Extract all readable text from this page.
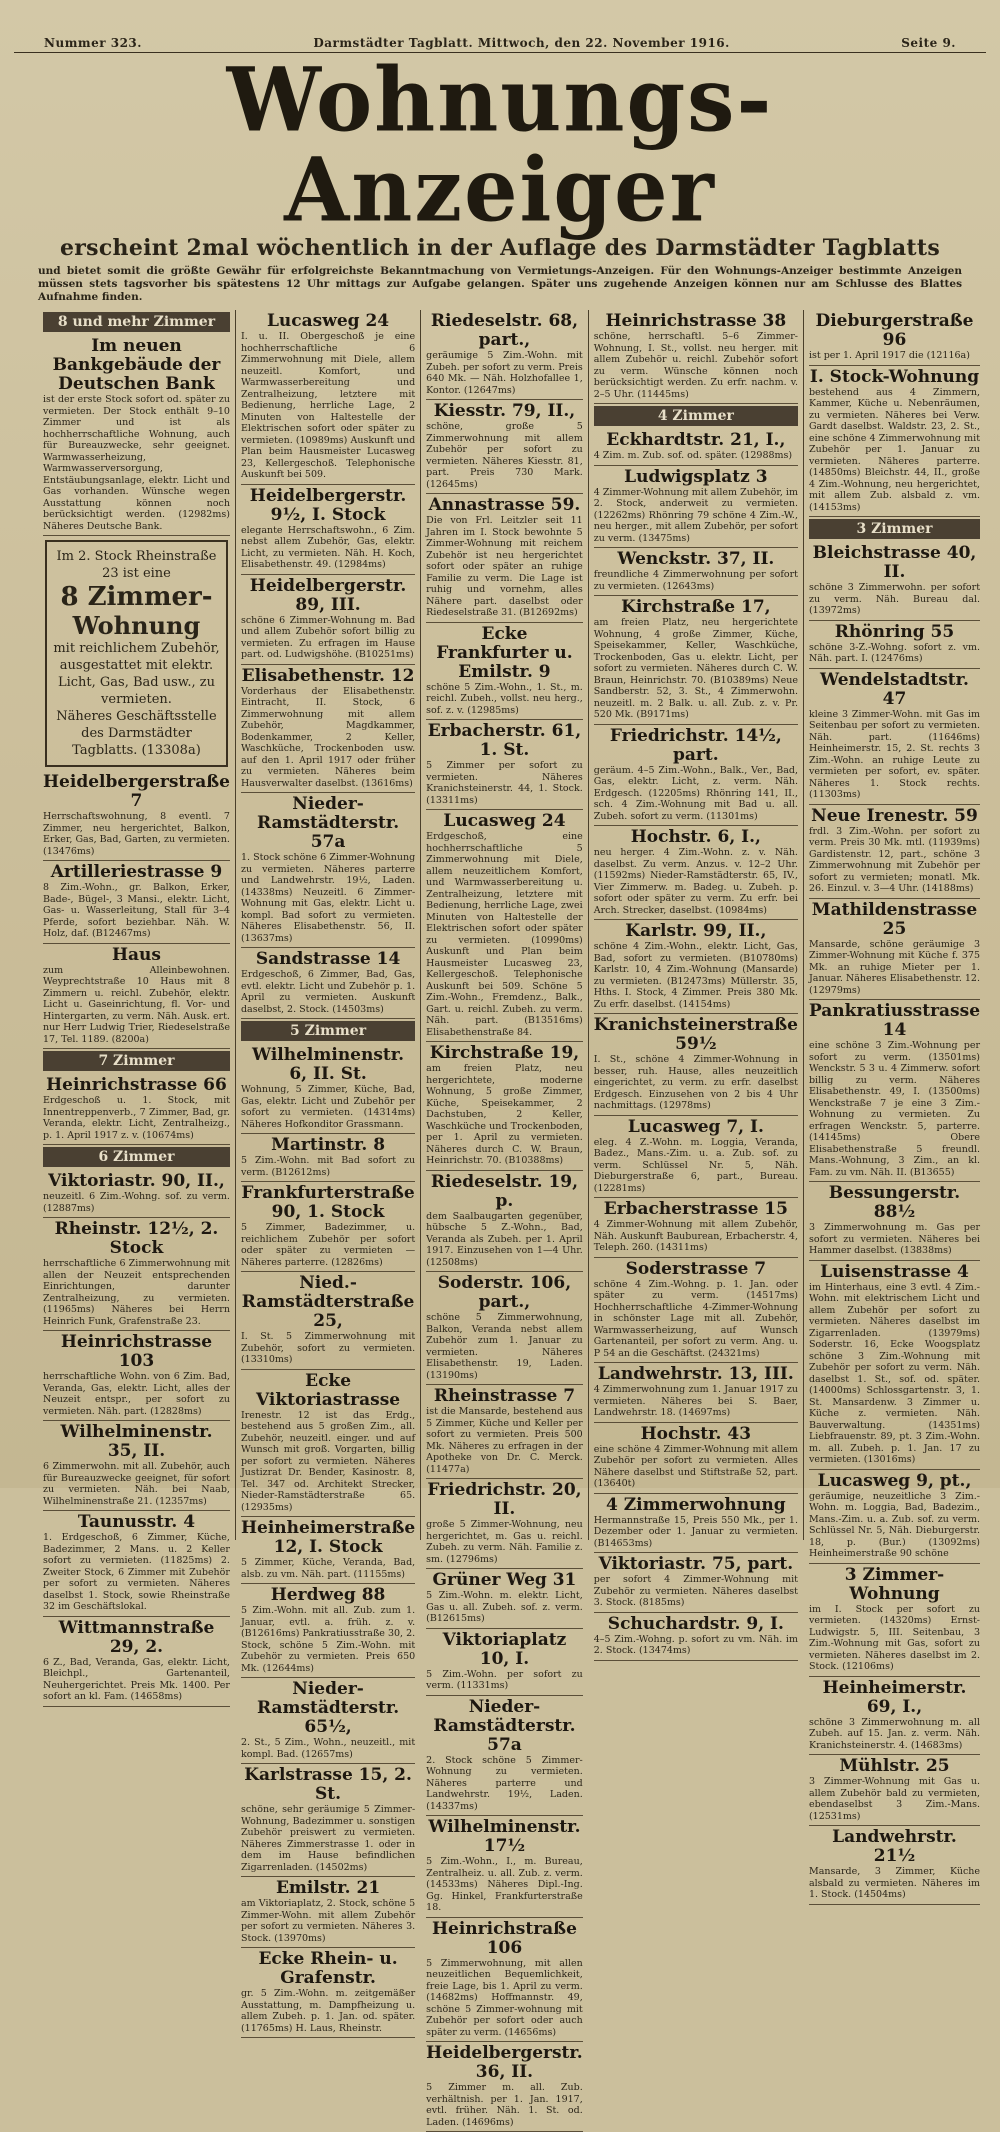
Nummer 323.	Darmstädter Tagblatt. Mittwoch, den 22. November 1916.	Seite 9.
Wohnungs-Anzeiger
erscheint 2mal wöchentlich in der Auflage des Darmstädter Tagblatts
und bietet somit die größte Gewähr für erfolgreichste Bekanntmachung von Vermietungs-Anzeigen. Für den Wohnungs-Anzeiger bestimmte Anzeigen müssen stets tagsvorher bis spätestens 12 Uhr mittags zur Aufgabe gelangen. Später uns zugehende Anzeigen können nur am Schlusse des Blattes Aufnahme finden.
8 und mehr Zimmer
Im neuen Bankgebäude der Deutschen Bank
ist der erste Stock sofort od. später zu vermieten. Der Stock enthält 9–10 Zimmer und ist als hochherrschaftliche Wohnung, auch für Bureauzwecke, sehr geeignet. Warmwasserheizung, Warmwasserversorgung, Entstäubungsanlage, elektr. Licht und Gas vorhanden. Wünsche wegen Ausstattung können noch berücksichtigt werden. (12982ms) Näheres Deutsche Bank.
Im 2. Stock Rheinstraße 23 ist eine
8 Zimmer-
Wohnung
mit reichlichem Zubehör, ausgestattet mit elektr. Licht, Gas, Bad usw., zu vermieten.
Näheres Geschäftsstelle des Darmstädter Tagblatts. (13308a)
Heidelbergerstraße 7
Herrschaftswohnung, 8 eventl. 7 Zimmer, neu hergerichtet, Balkon, Erker, Gas, Bad, Garten, zu vermieten. (13476ms)
Artilleriestrasse 9
8 Zim.-Wohn., gr. Balkon, Erker, Bade-, Bügel-, 3 Mansi., elektr. Licht, Gas- u. Wasserleitung, Stall für 3–4 Pferde, sofort beziehbar. Näh. W. Holz, daf. (B12467ms)
Haus
zum Alleinbewohnen. Weyprechtstraße 10 Haus mit 8 Zimmern u. reichl. Zubehör, elektr. Licht u. Gaseinrichtung, fl. Vor- und Hintergarten, zu verm. Näh. Ausk. ert. nur Herr Ludwig Trier, Riedeselstraße 17, Tel. 1189. (8200a)
7 Zimmer
Heinrichstrasse 66
Erdgeschoß u. 1. Stock, mit Innentreppenverb., 7 Zimmer, Bad, gr. Veranda, elektr. Licht, Zentralheizg., p. 1. April 1917 z. v. (10674ms)
6 Zimmer
Viktoriastr. 90, II.,
neuzeitl. 6 Zim.-Wohng. sof. zu verm. (12887ms)
Rheinstr. 12½, 2. Stock
herrschaftliche 6 Zimmerwohnung mit allen der Neuzeit entsprechenden Einrichtungen, darunter Zentralheizung, zu vermieten. (11965ms) Näheres bei Herrn Heinrich Funk, Grafenstraße 23.
Heinrichstrasse 103
herrschaftliche Wohn. von 6 Zim. Bad, Veranda, Gas, elektr. Licht, alles der Neuzeit entspr., per sofort zu vermieten. Näh. part. (12828ms)
Wilhelminenstr. 35, II.
6 Zimmerwohn. mit all. Zubehör, auch für Bureauzwecke geeignet, für sofort zu vermieten. Näh. bei Naab, Wilhelminenstraße 21. (12357ms)
Taunusstr. 4
1. Erdgeschoß, 6 Zimmer, Küche, Badezimmer, 2 Mans. u. 2 Keller sofort zu vermieten. (11825ms) 2. Zweiter Stock, 6 Zimmer mit Zubehör per sofort zu vermieten. Näheres daselbst 1. Stock, sowie Rheinstraße 32 im Geschäftslokal.
Wittmannstraße 29, 2.
6 Z., Bad, Veranda, Gas, elektr. Licht, Bleichpl., Gartenanteil, Neuhergerichtet. Preis Mk. 1400. Per sofort an kl. Fam. (14658ms)
Lucasweg 24
I. u. II. Obergeschoß je eine hochherrschaftliche 6 Zimmerwohnung mit Diele, allem neuzeitl. Komfort, und Warmwasserbereitung und Zentralheizung, letztere mit Bedienung, herrliche Lage, 2 Minuten von Haltestelle der Elektrischen sofort oder später zu vermieten. (10989ms) Auskunft und Plan beim Hausmeister Lucasweg 23, Kellergeschoß. Telephonische Auskunft bei 509.
Heidelbergerstr. 9½, I. Stock
elegante Herrschaftswohn., 6 Zim. nebst allem Zubehör, Gas, elektr. Licht, zu vermieten. Näh. H. Koch, Elisabethenstr. 49. (12984ms)
Heidelbergerstr. 89, III.
schöne 6 Zimmer-Wohnung m. Bad und allem Zubehör sofort billig zu vermieten. Zu erfragen im Hause part. od. Ludwigshöhe. (B10251ms)
Elisabethenstr. 12
Vorderhaus der Elisabethenstr. Eintracht, II. Stock, 6 Zimmerwohnung mit allem Zubehör, Magdkammer, Bodenkammer, 2 Keller, Waschküche, Trockenboden usw. auf den 1. April 1917 oder früher zu vermieten. Näheres beim Hausverwalter daselbst. (13616ms)
Nieder-Ramstädterstr. 57a
1. Stock schöne 6 Zimmer-Wohnung zu vermieten. Näheres parterre und Landwehrstr. 19½, Laden. (14338ms) Neuzeitl. 6 Zimmer-Wohnung mit Gas, elektr. Licht u. kompl. Bad sofort zu vermieten. Näheres Elisabethenstr. 56, II. (13637ms)
Sandstrasse 14
Erdgeschoß, 6 Zimmer, Bad, Gas, evtl. elektr. Licht und Zubehör p. 1. April zu vermieten. Auskunft daselbst, 2. Stock. (14503ms)
5 Zimmer
Wilhelminenstr. 6, II. St.
Wohnung, 5 Zimmer, Küche, Bad, Gas, elektr. Licht und Zubehör per sofort zu vermieten. (14314ms) Näheres Hofkonditor Grassmann.
Martinstr. 8
5 Zim.-Wohn. mit Bad sofort zu verm. (B12612ms)
Frankfurterstraße 90, 1. Stock
5 Zimmer, Badezimmer, u. reichlichem Zubehör per sofort oder später zu vermieten — Näheres parterre. (12826ms)
Nied.-Ramstädterstraße 25,
I. St. 5 Zimmerwohnung mit Zubehör, sofort zu vermieten. (13310ms)
Ecke Viktoriastrasse
Irenestr. 12 ist das Erdg., bestehend aus 5 großen Zim., all. Zubehör, neuzeitl. einger. und auf Wunsch mit groß. Vorgarten, billig per sofort zu vermieten. Näheres Justizrat Dr. Bender, Kasinostr. 8, Tel. 347 od. Architekt Strecker, Nieder-Ramstädterstraße 65. (12935ms)
Heinheimerstraße 12, I. Stock
5 Zimmer, Küche, Veranda, Bad, alsb. zu vm. Näh. part. (11155ms)
Herdweg 88
5 Zim.-Wohn. mit all. Zub. zum 1. Januar, evtl. a. früh. z. v. (B12616ms) Pankratiusstraße 30, 2. Stock, schöne 5 Zim.-Wohn. mit Zubehör zu vermieten. Preis 650 Mk. (12644ms)
Nieder-Ramstädterstr. 65½,
2. St., 5 Zim., Wohn., neuzeitl., mit kompl. Bad. (12657ms)
Karlstrasse 15, 2. St.
schöne, sehr geräumige 5 Zimmer-Wohnung, Badezimmer u. sonstigen Zubehör preiswert zu vermieten. Näheres Zimmerstrasse 1. oder in dem im Hause befindlichen Zigarrenladen. (14502ms)
Emilstr. 21
am Viktoriaplatz, 2. Stock, schöne 5 Zimmer-Wohn. mit allem Zubehör per sofort zu vermieten. Näheres 3. Stock. (13970ms)
Ecke Rhein- u. Grafenstr.
gr. 5 Zim.-Wohn. m. zeitgemäßer Ausstattung, m. Dampfheizung u. allem Zubeh. p. 1. Jan. od. später. (11765ms) H. Laus, Rheinstr.
Riedeselstr. 68, part.,
geräumige 5 Zim.-Wohn. mit Zubeh. per sofort zu verm. Preis 640 Mk. — Näh. Holzhofallee 1, Kontor. (12647ms)
Kiesstr. 79, II.,
schöne, große 5 Zimmerwohnung mit allem Zubehör per sofort zu vermieten. Näheres Kiesstr. 81, part. Preis 730 Mark. (12645ms)
Annastrasse 59.
Die von Frl. Leitzler seit 11 Jahren im I. Stock bewohnte 5 Zimmer-Wohnung mit reichem Zubehör ist neu hergerichtet sofort oder später an ruhige Familie zu verm. Die Lage ist ruhig und vornehm, alles Nähere part. daselbst oder Riedeselstraße 31. (B12692ms)
Ecke Frankfurter u. Emilstr. 9
schöne 5 Zim.-Wohn., 1. St., m. reichl. Zubeh., vollst. neu herg., sof. z. v. (12985ms)
Erbacherstr. 61, 1. St.
5 Zimmer per sofort zu vermieten. Näheres Kranichsteinerstr. 44, 1. Stock. (13311ms)
Lucasweg 24
Erdgeschoß, eine hochherrschaftliche 5 Zimmerwohnung mit Diele, allem neuzeitlichem Komfort, und Warmwasserbereitung u. Zentralheizung, letztere mit Bedienung, herrliche Lage, zwei Minuten von Haltestelle der Elektrischen sofort oder später zu vermieten. (10990ms) Auskunft und Plan beim Hausmeister Lucasweg 23, Kellergeschoß. Telephonische Auskunft bei 509. Schöne 5 Zim.-Wohn., Fremdenz., Balk., Gart. u. reichl. Zubeh. zu verm. Näh. part. (B13516ms) Elisabethenstraße 84.
Kirchstraße 19,
am freien Platz, neu hergerichtete, moderne Wohnung, 5 große Zimmer, Küche, Speisekammer, 2 Dachstuben, 2 Keller, Waschküche und Trockenboden, per 1. April zu vermieten. Näheres durch C. W. Braun, Heinrichstr. 70. (B10388ms)
Riedeselstr. 19, p.
dem Saalbaugarten gegenüber, hübsche 5 Z.-Wohn., Bad, Veranda als Zubeh. per 1. April 1917. Einzusehen von 1—4 Uhr. (12508ms)
Soderstr. 106, part.,
schöne 5 Zimmerwohnung, Balkon, Veranda nebst allem Zubehör zum 1. Januar zu vermieten. Näheres Elisabethenstr. 19, Laden. (13190ms)
Rheinstrasse 7
ist die Mansarde, bestehend aus 5 Zimmer, Küche und Keller per sofort zu vermieten. Preis 500 Mk. Näheres zu erfragen in der Apotheke von Dr. C. Merck. (11477a)
Friedrichstr. 20, II.
große 5 Zimmer-Wohnung, neu hergerichtet, m. Gas u. reichl. Zubeh. zu verm. Näh. Familie z. sm. (12796ms)
Grüner Weg 31
5 Zim.-Wohn. m. elektr. Licht, Gas u. all. Zubeh. sof. z. verm. (B12615ms)
Viktoriaplatz 10, I.
5 Zim.-Wohn. per sofort zu verm. (11331ms)
Nieder-Ramstädterstr. 57a
2. Stock schöne 5 Zimmer-Wohnung zu vermieten. Näheres parterre und Landwehrstr. 19½, Laden. (14337ms)
Wilhelminenstr. 17½
5 Zim.-Wohn., I., m. Bureau, Zentralheiz. u. all. Zub. z. verm. (14533ms) Näheres Dipl.-Ing. Gg. Hinkel, Frankfurterstraße 18.
Heinrichstraße 106
5 Zimmerwohnung, mit allen neuzeitlichen Bequemlichkeit, freie Lage, bis 1. April zu verm. (14682ms) Hoffmannstr. 49, schöne 5 Zimmer-wohnung mit Zubehör per sofort oder auch später zu verm. (14656ms)
Heidelbergerstr. 36, II.
5 Zimmer m. all. Zub. verhältnish. per 1. Jan. 1917, evtl. früher. Näh. 1. St. od. Laden. (14696ms)
Heinrichstrasse 38
schöne, herrschaftl. 5–6 Zimmer-Wohnung, I. St., vollst. neu herger. mit allem Zubehör u. reichl. Zubehör sofort zu verm. Wünsche können noch berücksichtigt werden. Zu erfr. nachm. v. 2–5 Uhr. (11445ms)
4 Zimmer
Eckhardtstr. 21, I.,
4 Zim. m. Zub. sof. od. später. (12988ms)
Ludwigsplatz 3
4 Zimmer-Wohnung mit allem Zubehör, im 2. Stock, anderweit zu vermieten. (12262ms) Rhönring 79 schöne 4 Zim.-W., neu herger., mit allem Zubehör, per sofort zu verm. (13475ms)
Wenckstr. 37, II.
freundliche 4 Zimmerwohnung per sofort zu vermieten. (12643ms)
Kirchstraße 17,
am freien Platz, neu hergerichtete Wohnung, 4 große Zimmer, Küche, Speisekammer, Keller, Waschküche, Trockenboden, Gas u. elektr. Licht, per sofort zu vermieten. Näheres durch C. W. Braun, Heinrichstr. 70. (B10389ms) Neue Sandberstr. 52, 3. St., 4 Zimmerwohn. neuzeitl. m. 2 Balk. u. all. Zub. z. v. Pr. 520 Mk. (B9171ms)
Friedrichstr. 14½, part.
geräum. 4–5 Zim.-Wohn., Balk., Ver., Bad, Gas, elektr. Licht, z. verm. Näh. Erdgesch. (12205ms) Rhönring 141, II., sch. 4 Zim.-Wohnung mit Bad u. all. Zubeh. sofort zu verm. (11301ms)
Hochstr. 6, I.,
neu herger. 4 Zim.-Wohn. z. v. Näh. daselbst. Zu verm. Anzus. v. 12–2 Uhr. (11592ms) Nieder-Ramstädterstr. 65, IV., Vier Zimmerw. m. Badeg. u. Zubeh. p. sofort oder später zu verm. Zu erfr. bei Arch. Strecker, daselbst. (10984ms)
Karlstr. 99, II.,
schöne 4 Zim.-Wohn., elektr. Licht, Gas, Bad, sofort zu vermieten. (B10780ms) Karlstr. 10, 4 Zim.-Wohnung (Mansarde) zu vermieten. (B12473ms) Müllerstr. 35, Hths. I. Stock, 4 Zimmer. Preis 380 Mk. Zu erfr. daselbst. (14154ms)
Kranichsteinerstraße 59½
I. St., schöne 4 Zimmer-Wohnung in besser, ruh. Hause, alles neuzeitlich eingerichtet, zu verm. zu erfr. daselbst Erdgesch. Einzusehen von 2 bis 4 Uhr nachmittags. (12978ms)
Lucasweg 7, I.
eleg. 4 Z.-Wohn. m. Loggia, Veranda, Badez., Mans.-Zim. u. a. Zub. sof. zu verm. Schlüssel Nr. 5, Näh. Dieburgerstraße 6, part., Bureau. (12281ms)
Erbacherstrasse 15
4 Zimmer-Wohnung mit allem Zubehör, Näh. Auskunft Bauburean, Erbacherstr. 4, Teleph. 260. (14311ms)
Soderstrasse 7
schöne 4 Zim.-Wohng. p. 1. Jan. oder später zu verm. (14517ms) Hochherrschaftliche 4-Zimmer-Wohnung in schönster Lage mit all. Zubehör, Warmwasserheizung, auf Wunsch Gartenanteil, per sofort zu verm. Ang. u. P 54 an die Geschäftst. (24321ms)
Landwehrstr. 13, III.
4 Zimmerwohnung zum 1. Januar 1917 zu vermieten. Näheres bei S. Baer, Landwehrstr. 18. (14697ms)
Hochstr. 43
eine schöne 4 Zimmer-Wohnung mit allem Zubehör per sofort zu vermieten. Alles Nähere daselbst und Stiftstraße 52, part. (13640t)
4 Zimmerwohnung
Hermannstraße 15, Preis 550 Mk., per 1. Dezember oder 1. Januar zu vermieten. (B14653ms)
Viktoriastr. 75, part.
per sofort 4 Zimmer-Wohnung mit Zubehör zu vermieten. Näheres daselbst 3. Stock. (8185ms)
Schuchardstr. 9, I.
4–5 Zim.-Wohng. p. sofort zu vm. Näh. im 2. Stock. (13474ms)
Dieburgerstraße 96
ist per 1. April 1917 die (12116a)
I. Stock-Wohnung
bestehend aus 4 Zimmern, Kammer, Küche u. Nebenräumen, zu vermieten. Näheres bei Verw. Gardt daselbst. Waldstr. 23, 2. St., eine schöne 4 Zimmerwohnung mit Zubehör per 1. Januar zu vermieten. Näheres parterre. (14850ms) Bleichstr. 44, II., große 4 Zim.-Wohnung, neu hergerichtet, mit allem Zub. alsbald z. vm. (14153ms)
3 Zimmer
Bleichstrasse 40, II.
schöne 3 Zimmerwohn. per sofort zu verm. Näh. Bureau dal. (13972ms)
Rhönring 55
schöne 3-Z.-Wohng. sofort z. vm. Näh. part. I. (12476ms)
Wendelstadtstr. 47
kleine 3 Zimmer-Wohn. mit Gas im Seitenbau per sofort zu vermieten. Näh. part. (11646ms) Heinheimerstr. 15, 2. St. rechts 3 Zim.-Wohn. an ruhige Leute zu vermieten per sofort, ev. später. Näheres 1. Stock rechts. (11303ms)
Neue Irenestr. 59
frdl. 3 Zim.-Wohn. per sofort zu verm. Preis 30 Mk. mtl. (11939ms) Gardistenstr. 12, part., schöne 3 Zimmerwohnung mit Zubehör per sofort zu vermieten; monatl. Mk. 26. Einzul. v. 3—4 Uhr. (14188ms)
Mathildenstrasse 25
Mansarde, schöne geräumige 3 Zimmer-Wohnung mit Küche f. 375 Mk. an ruhige Mieter per 1. Januar. Näheres Elisabethenstr. 12. (12979ms)
Pankratiusstrasse 14
eine schöne 3 Zim.-Wohnung per sofort zu verm. (13501ms) Wenckstr. 5 3 u. 4 Zimmerw. sofort billig zu verm. Näheres Elisabethenstr. 49, I. (13500ms) Wenckstraße 7 je eine 3 Zim.-Wohnung zu vermieten. Zu erfragen Wenckstr. 5, parterre. (14145ms) Obere Elisabethenstraße 5 freundl. Mans.-Wohnung, 3 Zim., an kl. Fam. zu vm. Näh. II. (B13655)
Bessungerstr. 88½
3 Zimmerwohnung m. Gas per sofort zu vermieten. Näheres bei Hammer daselbst. (13838ms)
Luisenstrasse 4
im Hinterhaus, eine 3 evtl. 4 Zim.-Wohn. mit elektrischem Licht und allem Zubehör per sofort zu vermieten. Näheres daselbst im Zigarrenladen. (13979ms) Soderstr. 16, Ecke Woogsplatz schöne 3 Zim.-Wohnung mit Zubehör per sofort zu verm. Näh. daselbst 1. St., sof. od. später. (14000ms) Schlossgartenstr. 3, 1. St. Mansardenw. 3 Zimmer u. Küche z. vermieten. Näh. Bauverwaltung. (14351ms) Liebfrauenstr. 89, pt. 3 Zim.-Wohn. m. all. Zubeh. p. 1. Jan. 17 zu vermieten. (13016ms)
Lucasweg 9, pt.,
geräumige, neuzeitliche 3 Zim.-Wohn. m. Loggia, Bad, Badezim., Mans.-Zim. u. a. Zub. sof. zu verm. Schlüssel Nr. 5, Näh. Dieburgerstr. 18, p. (Bur.) (13092ms) Heinheimerstraße 90 schöne
3 Zimmer-Wohnung
im I. Stock per sofort zu vermieten. (14320ms) Ernst-Ludwigstr. 5, III. Seitenbau, 3 Zim.-Wohnung mit Gas, sofort zu vermieten. Näheres daselbst im 2. Stock. (12106ms)
Heinheimerstr. 69, I.,
schöne 3 Zimmerwohnung m. all Zubeh. auf 15. Jan. z. verm. Näh. Kranichsteinerstr. 4. (14683ms)
Mühlstr. 25
3 Zimmer-Wohnung mit Gas u. allem Zubehör bald zu vermieten, ebendaselbst 3 Zim.-Mans. (12531ms)
Landwehrstr. 21½
Mansarde, 3 Zimmer, Küche alsbald zu vermieten. Näheres im 1. Stock. (14504ms)
